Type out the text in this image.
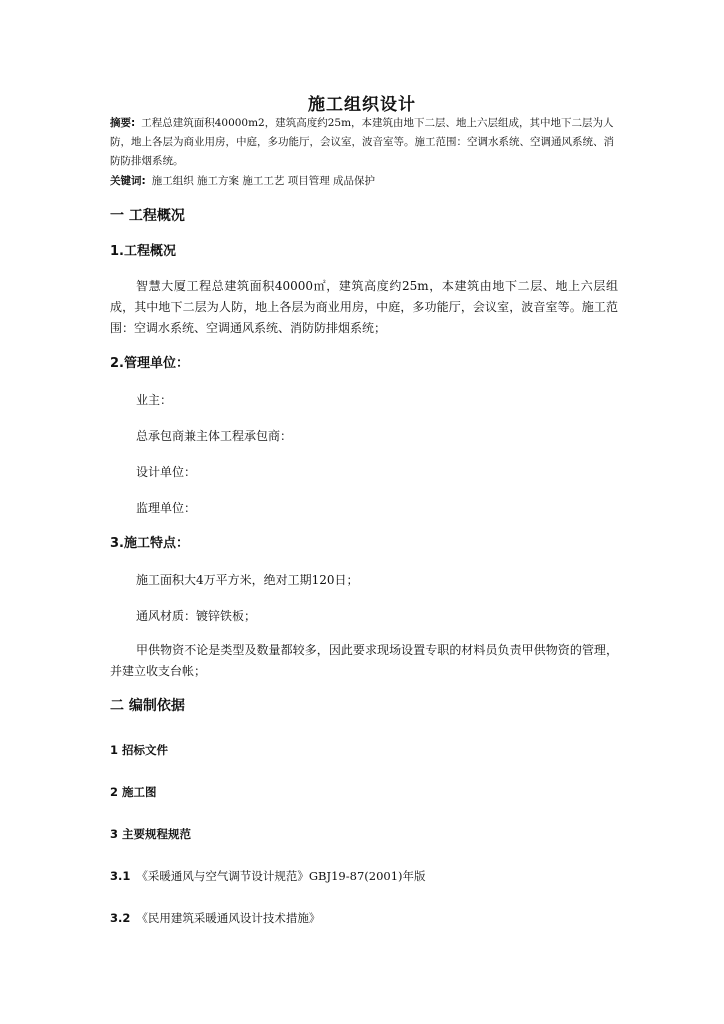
施工组织设计
摘要: 工程总建筑面积40000m2，建筑高度约25m，本建筑由地下二层、地上六层组成，其中地下二层为人防，地上各层为商业用房，中庭，多功能厅，会议室，波音室等。施工范围：空调水系统、空调通风系统、消防防排烟系统。
关键词: 施工组织 施工方案 施工工艺 项目管理 成品保护
一 工程概况
1.工程概况
智慧大厦工程总建筑面积40000㎡，建筑高度约25m，本建筑由地下二层、地上六层组成，其中地下二层为人防，地上各层为商业用房，中庭，多功能厅，会议室，波音室等。施工范围：空调水系统、空调通风系统、消防防排烟系统；
2.管理单位：
业主：
总承包商兼主体工程承包商：
设计单位：
监理单位：
3.施工特点：
施工面积大4万平方米，绝对工期120日；
通风材质：镀锌铁板；
甲供物资不论是类型及数量都较多，因此要求现场设置专职的材料员负责甲供物资的管理，并建立收支台帐；
二 编制依据
1 招标文件
2 施工图
3 主要规程规范
3.1 《采暖通风与空气调节设计规范》GBJ19-87(2001)年版
3.2 《民用建筑采暖通风设计技术措施》
